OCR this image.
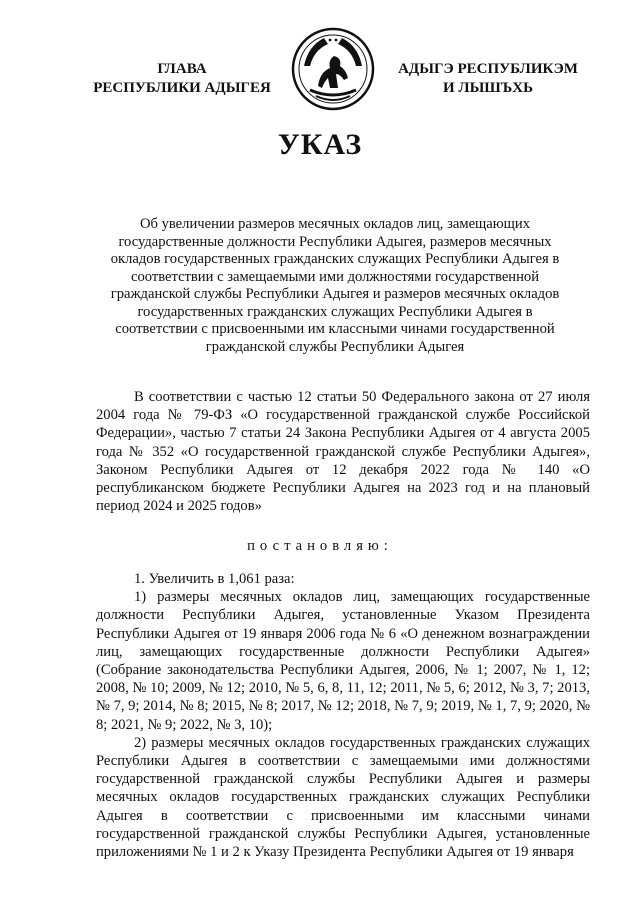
ГЛАВА
РЕСПУБЛИКИ АДЫГЕЯ
АДЫГЭ РЕСПУБЛИКЭМ
И ЛЫШЪХЬ
УКАЗ

Об увеличении размеров месячных окладов лиц, замещающих государственные должности Республики Адыгея, размеров месячных окладов государственных гражданских служащих Республики Адыгея в соответствии с замещаемыми ими должностями государственной гражданской службы Республики Адыгея и размеров месячных окладов государственных гражданских служащих Республики Адыгея в соответствии с присвоенными им классными чинами государственной гражданской службы Республики Адыгея

В соответствии с частью 12 статьи 50 Федерального закона от 27 июля 2004 года № 79-ФЗ «О государственной гражданской службе Российской Федерации», частью 7 статьи 24 Закона Республики Адыгея от 4 августа 2005 года № 352 «О государственной гражданской службе Республики Адыгея», Законом Республики Адыгея от 12 декабря 2022 года № 140 «О республиканском бюджете Республики Адыгея на 2023 год и на плановый период 2024 и 2025 годов»

постановляю:

1. Увеличить в 1,061 раза:

1) размеры месячных окладов лиц, замещающих государственные должности Республики Адыгея, установленные Указом Президента Республики Адыгея от 19 января 2006 года № 6 «О денежном вознаграждении лиц, замещающих государственные должности Республики Адыгея» (Собрание законодательства Республики Адыгея, 2006, № 1; 2007, № 1, 12; 2008, № 10; 2009, № 12; 2010, № 5, 6, 8, 11, 12; 2011, № 5, 6; 2012, № 3, 7; 2013, № 7, 9; 2014, № 8; 2015, № 8; 2017, № 12; 2018, № 7, 9; 2019, № 1, 7, 9; 2020, № 8; 2021, № 9; 2022, № 3, 10);

2) размеры месячных окладов государственных гражданских служащих Республики Адыгея в соответствии с замещаемыми ими должностями государственной гражданской службы Республики Адыгея и размеры месячных окладов государственных гражданских служащих Республики Адыгея в соответствии с присвоенными им классными чинами государственной гражданской службы Республики Адыгея, установленные приложениями № 1 и 2 к Указу Президента Республики Адыгея от 19 января
